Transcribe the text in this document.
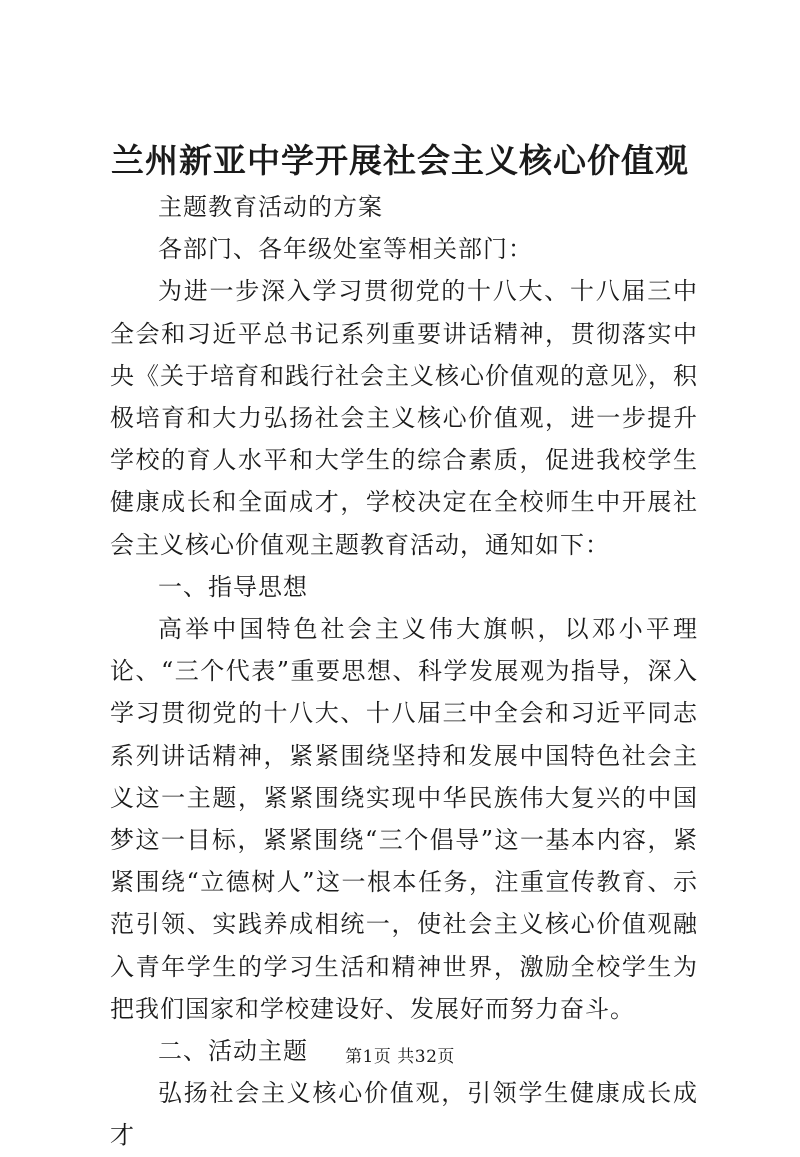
兰州新亚中学开展社会主义核心价值观

主题教育活动的方案

各部门、各年级处室等相关部门：

为进一步深入学习贯彻党的十八大、十八届三中全会和习近平总书记系列重要讲话精神，贯彻落实中央《关于培育和践行社会主义核心价值观的意见》，积极培育和大力弘扬社会主义核心价值观，进一步提升学校的育人水平和大学生的综合素质，促进我校学生健康成长和全面成才，学校决定在全校师生中开展社会主义核心价值观主题教育活动，通知如下：

一、指导思想

高举中国特色社会主义伟大旗帜，以邓小平理论、“三个代表”重要思想、科学发展观为指导，深入学习贯彻党的十八大、十八届三中全会和习近平同志系列讲话精神，紧紧围绕坚持和发展中国特色社会主义这一主题，紧紧围绕实现中华民族伟大复兴的中国梦这一目标，紧紧围绕“三个倡导”这一基本内容，紧紧围绕“立德树人”这一根本任务，注重宣传教育、示范引领、实践养成相统一，使社会主义核心价值观融入青年学生的学习生活和精神世界，激励全校学生为把我们国家和学校建设好、发展好而努力奋斗。

二、活动主题

弘扬社会主义核心价值观，引领学生健康成长成才

第1页 共32页
